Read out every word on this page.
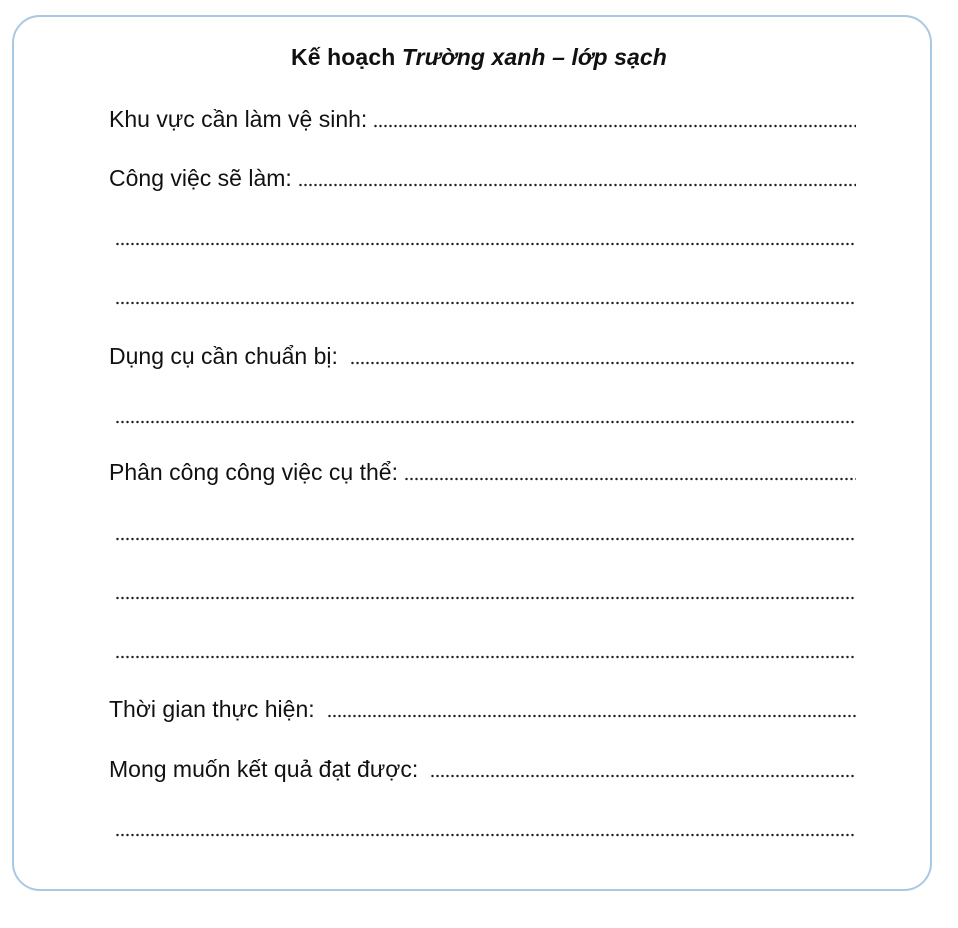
Kế hoạch Trường xanh – lớp sạch
Khu vực cần làm vệ sinh:
Công việc sẽ làm:
Dụng cụ cần chuẩn bị:
Phân công công việc cụ thể:
Thời gian thực hiện:
Mong muốn kết quả đạt được:
